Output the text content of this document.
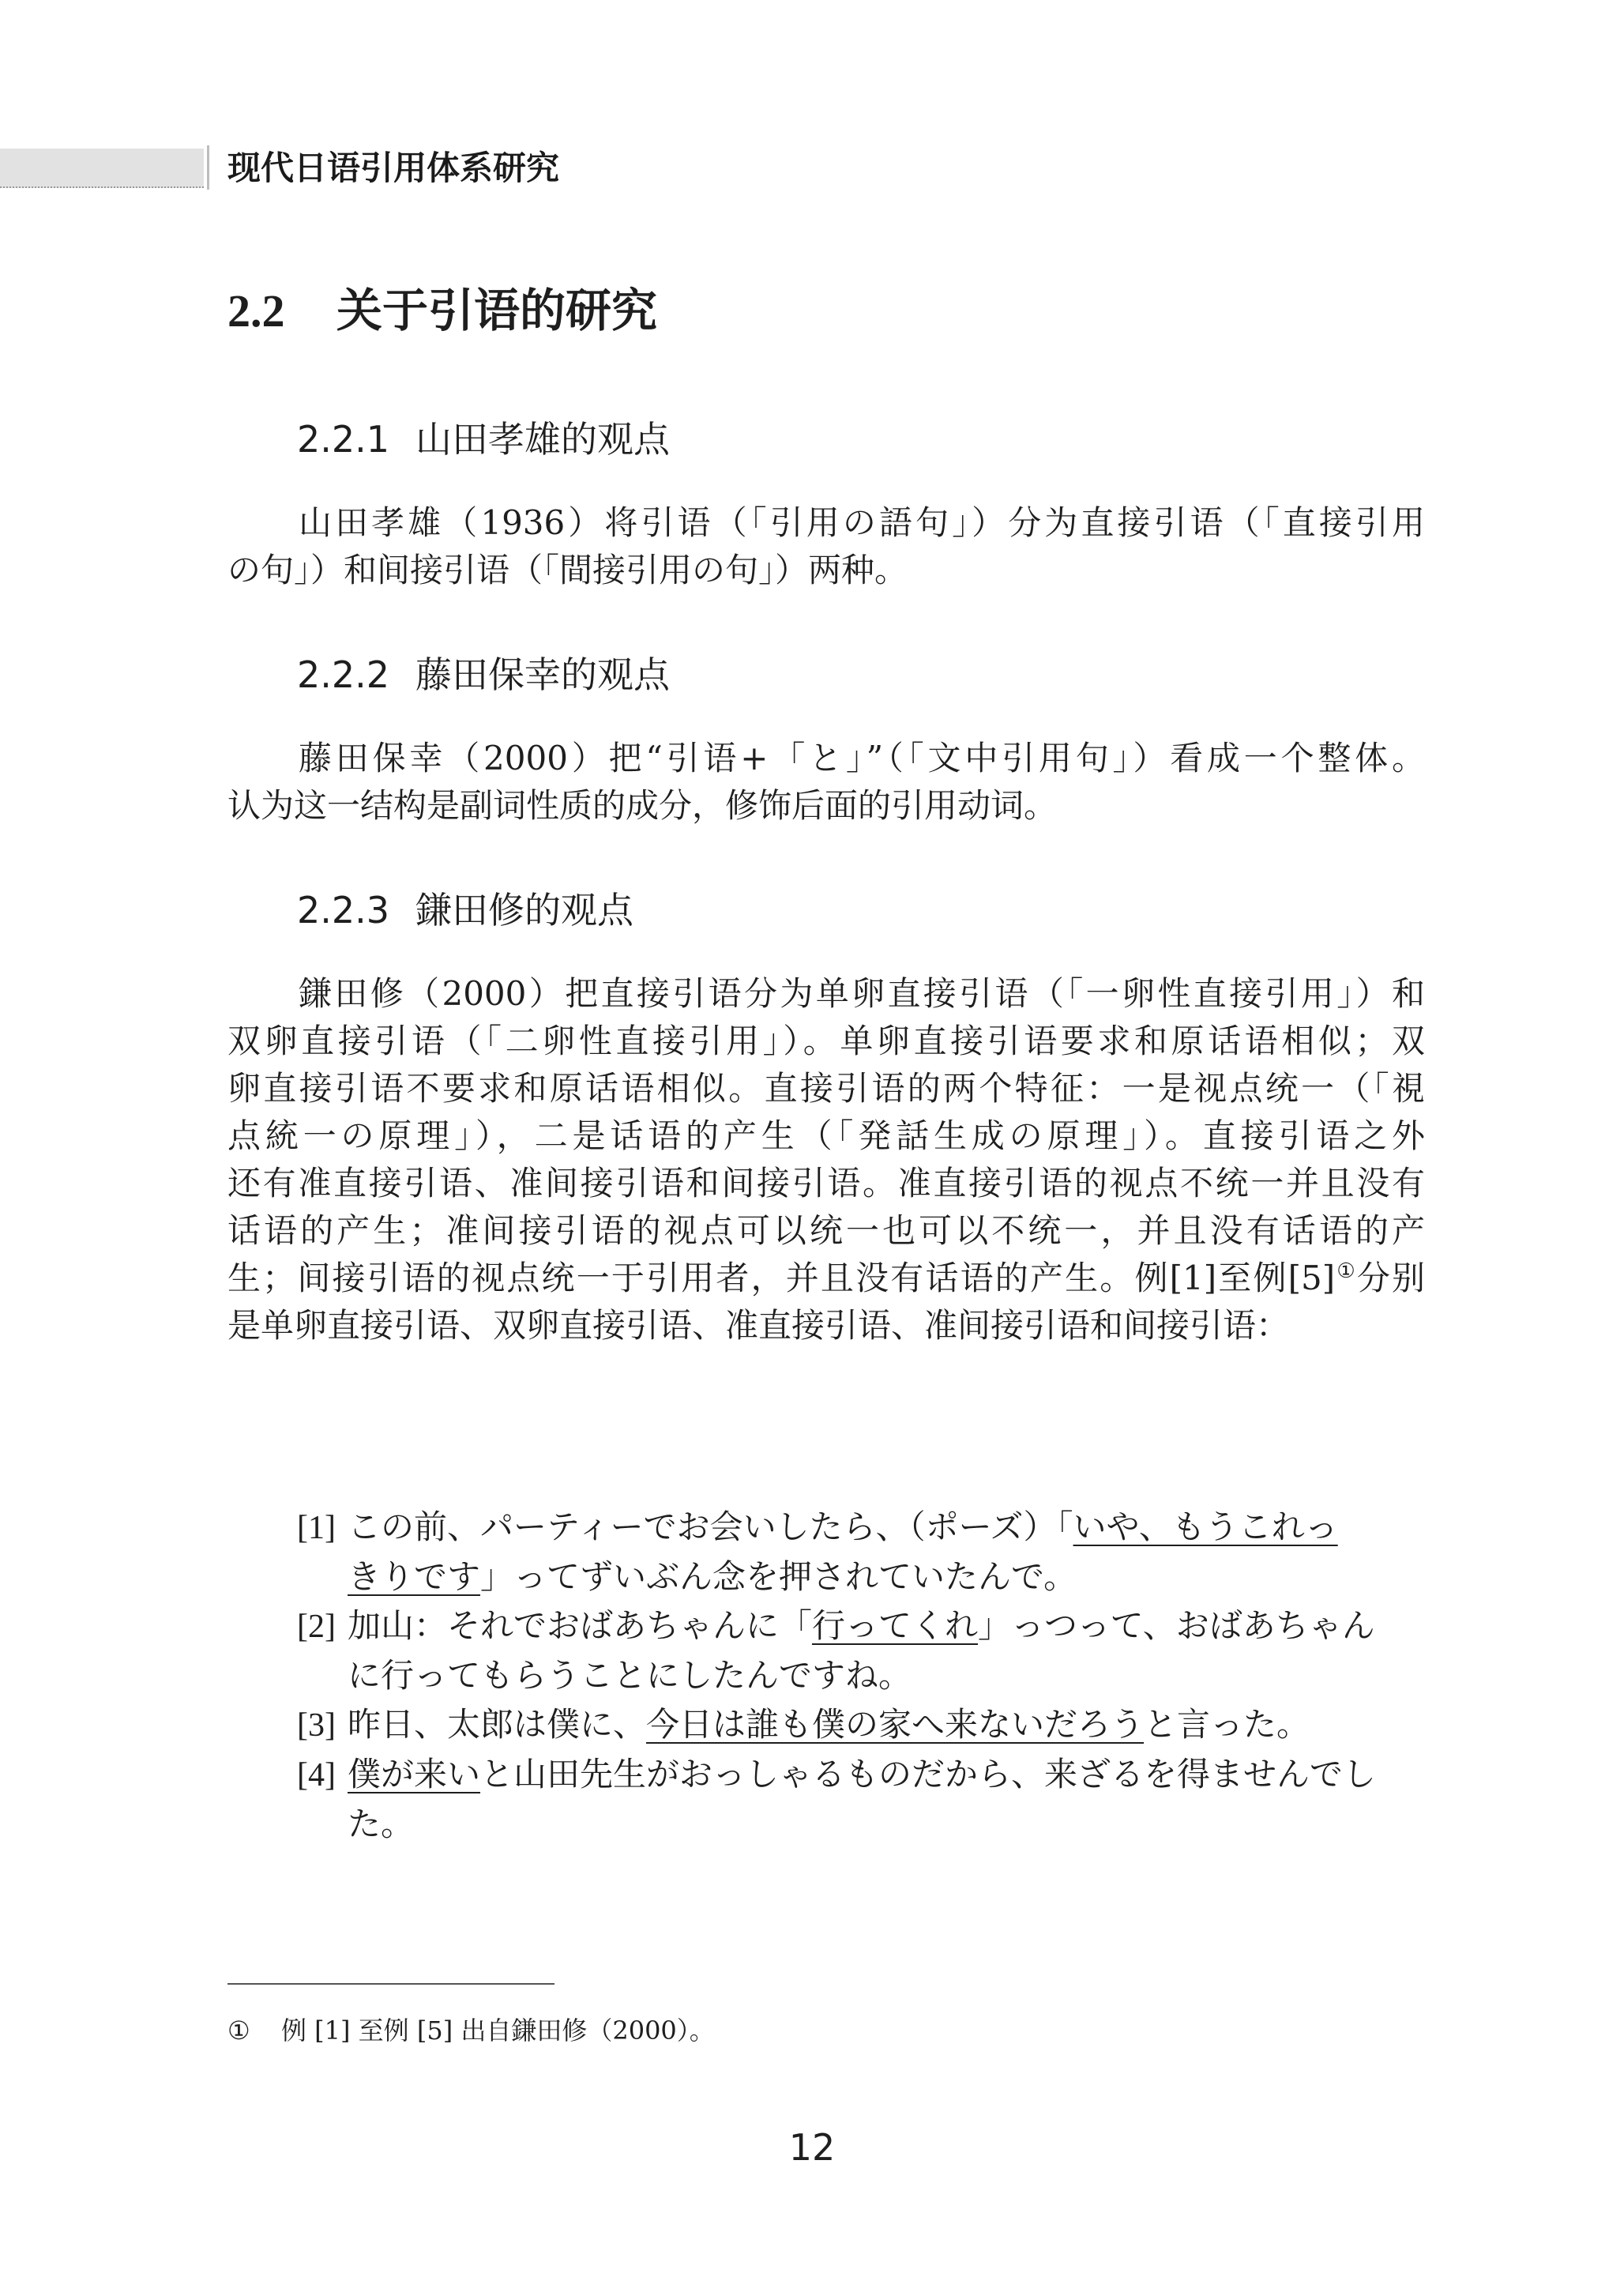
现代日语引用体系研究
2.2 关于引语的研究
2.2.1 山田孝雄的观点
山田孝雄（1936）将引语（「引用の語句」）分为直接引语（「直接引用
の句」）和间接引语（「間接引用の句」）两种。
2.2.2 藤田保幸的观点
藤田保幸（2000）把“引语+「と」”（「文中引用句」）看成一个整体。
认为这一结构是副词性质的成分，修饰后面的引用动词。
2.2.3 鎌田修的观点
鎌田修（2000）把直接引语分为单卵直接引语（「一卵性直接引用」）和
双卵直接引语（「二卵性直接引用」）。单卵直接引语要求和原话语相似；双
卵直接引语不要求和原话语相似。直接引语的两个特征：一是视点统一（「視
点統一の原理」），二是话语的产生（「発話生成の原理」）。直接引语之外
还有准直接引语、准间接引语和间接引语。准直接引语的视点不统一并且没有
话语的产生；准间接引语的视点可以统一也可以不统一，并且没有话语的产
生；间接引语的视点统一于引用者，并且没有话语的产生。例[1]至例[5]①分别
是单卵直接引语、双卵直接引语、准直接引语、准间接引语和间接引语：
[1] この前、パーティーでお会いしたら、（ポーズ）「いや、もうこれっ
きりです」ってずいぶん念を押されていたんで。
[2] 加山：それでおばあちゃんに「行ってくれ」っつって、おばあちゃん
に行ってもらうことにしたんですね。
[3] 昨日、太郎は僕に、今日は誰も僕の家へ来ないだろうと言った。
[4] 僕が来いと山田先生がおっしゃるものだから、来ざるを得ませんでし
た。
① 例 [1] 至例 [5] 出自鎌田修（2000）。
12
